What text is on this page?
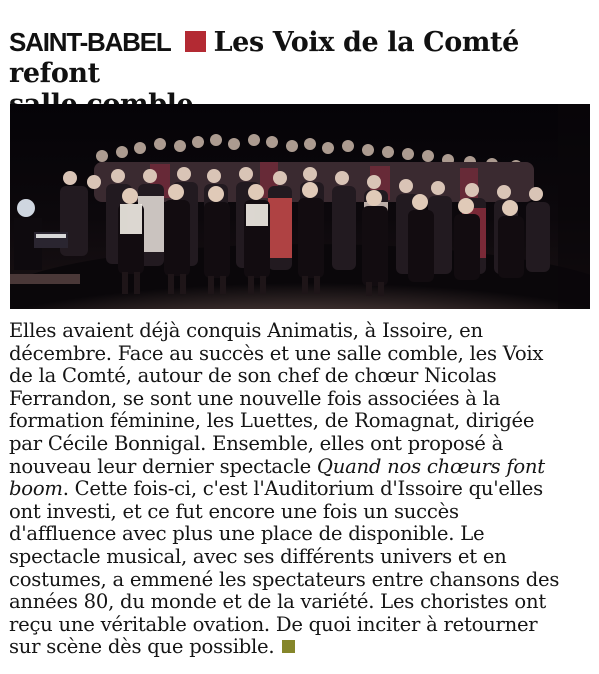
SAINT-BABEL Les Voix de la Comté refont

Elles avaient déjà conquis Animatis, à Issoire, en
décembre. Face au succès et une salle comble, les Voix
de la Comté, autour de son chef de chœur Nicolas
Ferrandon, se sont une nouvelle fois associées à la
formation féminine, les Luettes, de Romagnat, dirigée
par Cécile Bonnigal. Ensemble, elles ont proposé à
nouveau leur dernier spectacle Quand nos chœurs font
boom. Cette fois-ci, c'est l'Auditorium d'Issoire qu'elles
ont investi, et ce fut encore une fois un succès
d'affluence avec plus une place de disponible. Le
spectacle musical, avec ses différents univers et en
costumes, a emmené les spectateurs entre chansons des
années 80, du monde et de la variété. Les choristes ont
reçu une véritable ovation. De quoi inciter à retourner
sur scène dès que possible.
